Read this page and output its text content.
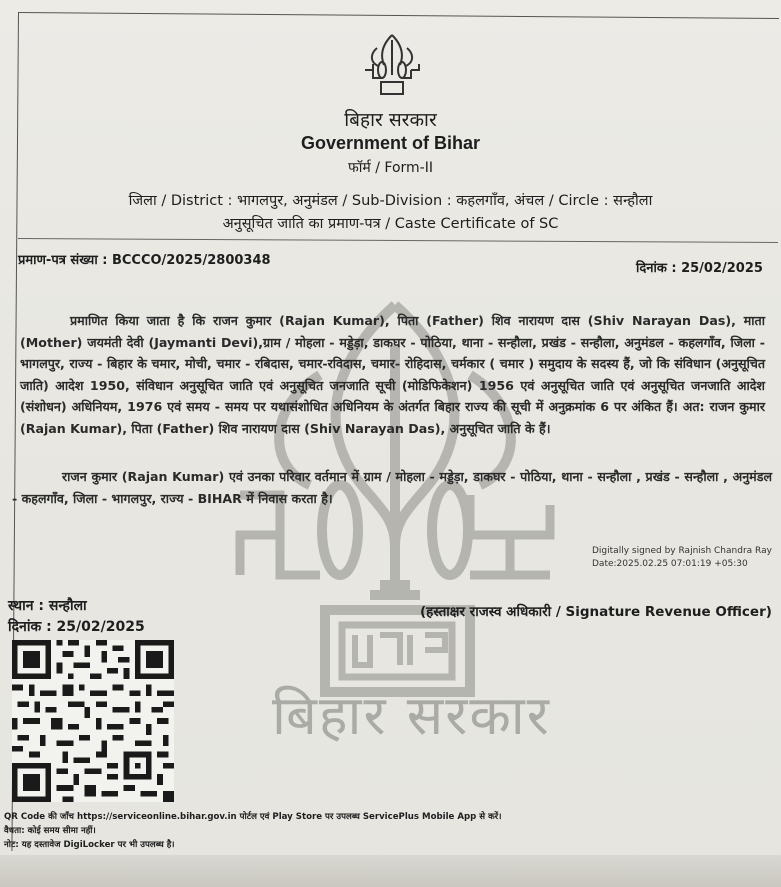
बिहार सरकार
बिहार सरकार
Government of Bihar
फॉर्म / Form-II
जिला / District : भागलपुर, अनुमंडल / Sub-Division : कहलगाँव, अंचल / Circle : सन्हौला
अनुसूचित जाति का प्रमाण-पत्र / Caste Certificate of SC
प्रमाण-पत्र संख्या : BCCCO/2025/2800348
दिनांक : 25/02/2025
प्रमाणित किया जाता है कि राजन कुमार (Rajan Kumar), पिता (Father) शिव नारायण दास (Shiv Narayan Das), माता (Mother) जयमंती देवी (Jaymanti Devi),ग्राम / मोहला - मड्डेड़ा, डाकघर - पोठिया, थाना - सन्हौला, प्रखंड - सन्हौला, अनुमंडल - कहलगाँव, जिला - भागलपुर, राज्य - बिहार के चमार, मोची, चमार - रबिदास, चमार-रविदास, चमार- रोहिदास, चर्मकार ( चमार ) समुदाय के सदस्य हैं, जो कि संविधान (अनुसूचित जाति) आदेश 1950, संविधान अनुसूचित जाति एवं अनुसूचित जनजाति सूची (मोडिफिकेशन) 1956 एवं अनुसूचित जाति एवं अनुसूचित जनजाति आदेश (संशोधन) अधिनियम, 1976 एवं समय - समय पर यथासंशोधित अधिनियम के अंतर्गत बिहार राज्य की सूची में अनुक्रमांक 6 पर अंकित हैं। अत: राजन कुमार (Rajan Kumar), पिता (Father) शिव नारायण दास (Shiv Narayan Das), अनुसूचित जाति के हैं।
राजन कुमार (Rajan Kumar) एवं उनका परिवार वर्तमान में ग्राम / मोहला - मड्डेड़ा, डाकघर - पोठिया, थाना - सन्हौला , प्रखंड - सन्हौला , अनुमंडल - कहलगाँव, जिला - भागलपुर, राज्य - BIHAR में निवास करता है।
Digitally signed by Rajnish Chandra Ray
Date:2025.02.25 07:01:19 +05:30
स्थान : सन्हौला
दिनांक : 25/02/2025
(हस्ताक्षर राजस्व अधिकारी / Signature Revenue Officer)
QR Code की जाँच https://serviceonline.bihar.gov.in पोर्टल एवं Play Store पर उपलब्ध ServicePlus Mobile App से करें।
वैधता: कोई समय सीमा नहीं।
नोट: यह दस्तावेज DigiLocker पर भी उपलब्ध है।
